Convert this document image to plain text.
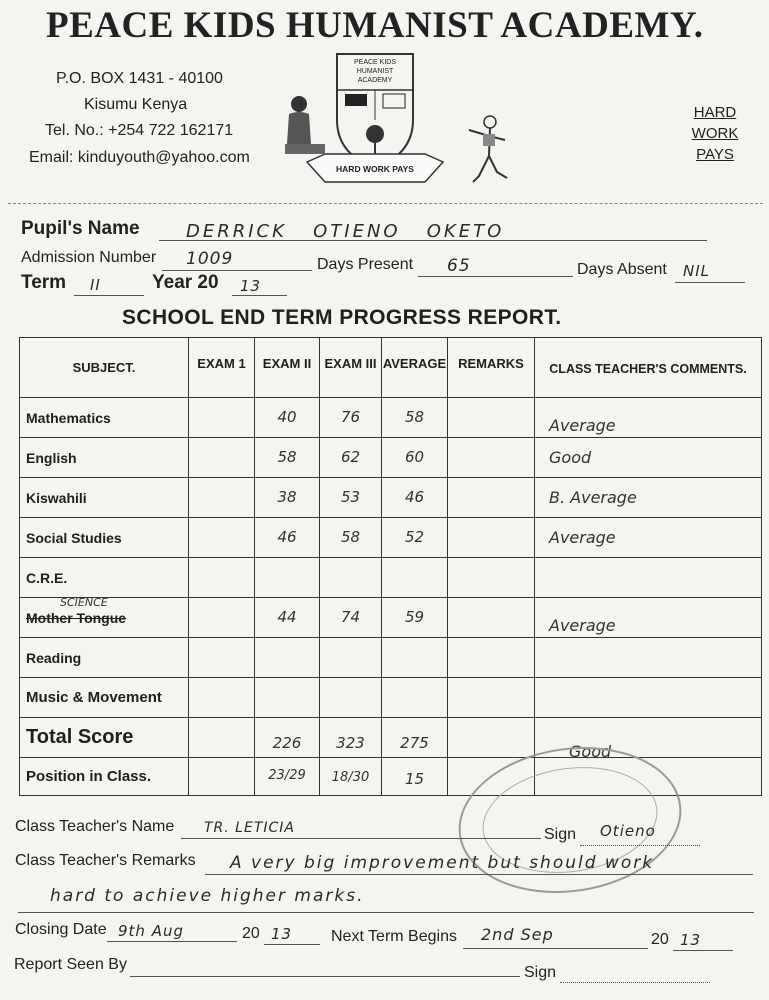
PEACE KIDS HUMANIST ACADEMY.
P.O. BOX 1431 - 40100
Kisumu Kenya
Tel. No.: +254 722 162171
Email: kinduyouth@yahoo.com
PEACE KIDS
HUMANIST
ACADEMY
HARD WORK PAYS
HARD
WORK
PAYS
Pupil's Name	DERRICK   OTIENO   OKETO
Admission Number 1009	Days Present 65	Days Absent NIL
Term II	Year 20 13
SCHOOL END TERM PROGRESS REPORT.
SUBJECT.	EXAM 1	EXAM II	EXAM III	AVERAGE	REMARKS	CLASS TEACHER'S COMMENTS.
Mathematics		40	76	58		Average

English		58	62	60		Good

Kiswahili		38	53	46		B. Average

Social Studies		46	58	52		Average

C.R.E.						

SCIENCE
Mother Tongue		44	74	59		Average

Reading						
Music & Movement						
Total Score		226	323	275		Good

Position in Class.		23/29	18/30	15		

Class Teacher's Name TR. LETICIA	Sign Otieno
Class Teacher's Remarks A very big improvement but should work
hard to achieve higher marks.
Closing Date 9th Aug	20 13 Next Term Begins 2nd Sep	20 13
Report Seen By	Sign
